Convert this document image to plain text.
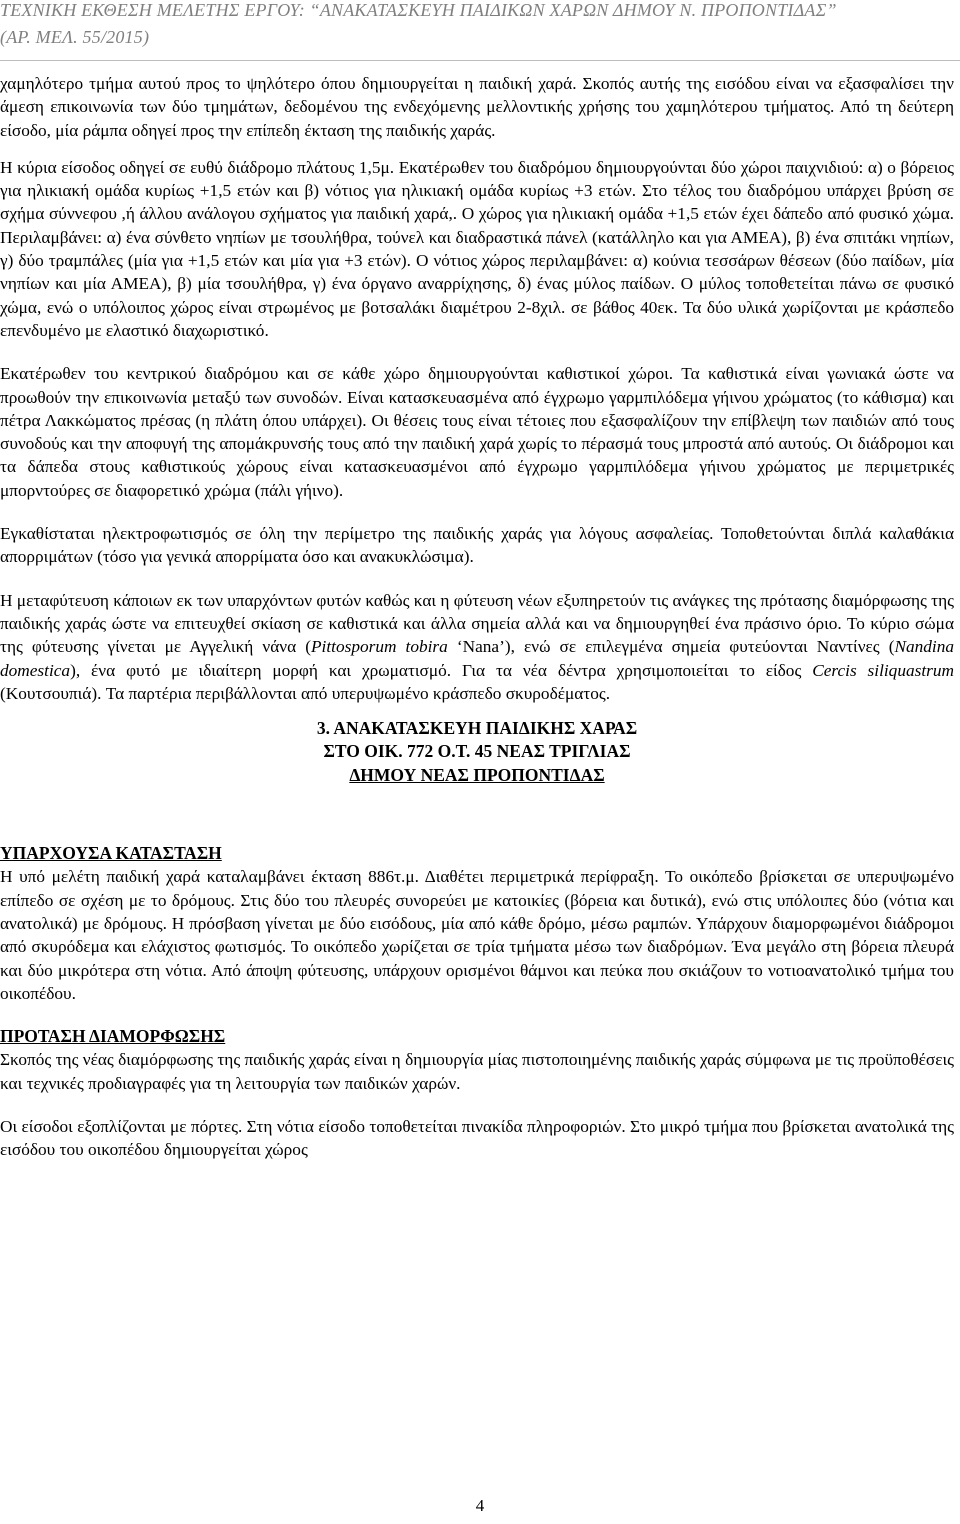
ΤΕΧΝΙΚΗ ΕΚΘΕΣΗ ΜΕΛΕΤΗΣ ΕΡΓΟΥ: “ΑΝΑΚΑΤΑΣΚΕΥΗ ΠΑΙΔΙΚΩΝ ΧΑΡΩΝ ΔΗΜΟΥ Ν. ΠΡΟΠΟΝΤΙΔΑΣ”
(ΑΡ. ΜΕΛ. 55/2015)

χαμηλότερο τμήμα αυτού προς το ψηλότερο όπου δημιουργείται η παιδική χαρά. Σκοπός αυτής της εισόδου είναι να εξασφαλίσει την άμεση επικοινωνία των δύο τμημάτων, δεδομένου της ενδεχόμενης μελλοντικής χρήσης του χαμηλότερου τμήματος. Από τη δεύτερη είσοδο, μία ράμπα οδηγεί προς την επίπεδη έκταση της παιδικής χαράς.

Η κύρια είσοδος οδηγεί σε ευθύ διάδρομο πλάτους 1,5μ. Εκατέρωθεν του διαδρόμου δημιουργούνται δύο χώροι παιχνιδιού: α) ο βόρειος για ηλικιακή ομάδα κυρίως +1,5 ετών και β) νότιος για ηλικιακή ομάδα κυρίως +3 ετών. Στο τέλος του διαδρόμου υπάρχει βρύση σε σχήμα σύννεφου ,ή άλλου ανάλογου σχήματος για παιδική χαρά,. Ο χώρος για ηλικιακή ομάδα +1,5 ετών έχει δάπεδο από φυσικό χώμα. Περιλαμβάνει: α) ένα σύνθετο νηπίων με τσουλήθρα, τούνελ και διαδραστικά πάνελ (κατάλληλο και για ΑΜΕΑ), β) ένα σπιτάκι νηπίων, γ) δύο τραμπάλες (μία για +1,5 ετών και μία για +3 ετών). Ο νότιος χώρος περιλαμβάνει: α) κούνια τεσσάρων θέσεων (δύο παίδων, μία νηπίων και μία ΑΜΕΑ), β) μία τσουλήθρα, γ) ένα όργανο αναρρίχησης, δ) ένας μύλος παίδων. Ο μύλος τοποθετείται πάνω σε φυσικό χώμα, ενώ ο υπόλοιπος χώρος είναι στρωμένος με βοτσαλάκι διαμέτρου 2-8χιλ. σε βάθος 40εκ. Τα δύο υλικά χωρίζονται με κράσπεδο επενδυμένο με ελαστικό διαχωριστικό.

Εκατέρωθεν του κεντρικού διαδρόμου και σε κάθε χώρο δημιουργούνται καθιστικοί χώροι. Τα καθιστικά είναι γωνιακά ώστε να προωθούν την επικοινωνία μεταξύ των συνοδών. Είναι κατασκευασμένα από έγχρωμο γαρμπιλόδεμα γήινου χρώματος (το κάθισμα) και πέτρα Λακκώματος πρέσας (η πλάτη όπου υπάρχει). Οι θέσεις τους είναι τέτοιες που εξασφαλίζουν την επίβλεψη των παιδιών από τους συνοδούς και την αποφυγή της απομάκρυνσής τους από την παιδική χαρά χωρίς το πέρασμά τους μπροστά από αυτούς. Οι διάδρομοι και τα δάπεδα στους καθιστικούς χώρους είναι κατασκευασμένοι από έγχρωμο γαρμπιλόδεμα γήινου χρώματος με περιμετρικές μπορντούρες σε διαφορετικό χρώμα (πάλι γήινο).

Εγκαθίσταται ηλεκτροφωτισμός σε όλη την περίμετρο της παιδικής χαράς για λόγους ασφαλείας. Τοποθετούνται διπλά καλαθάκια απορριμάτων (τόσο για γενικά απορρίματα όσο και ανακυκλώσιμα).

Η μεταφύτευση κάποιων εκ των υπαρχόντων φυτών καθώς και η φύτευση νέων εξυπηρετούν τις ανάγκες της πρότασης διαμόρφωσης της παιδικής χαράς ώστε να επιτευχθεί σκίαση σε καθιστικά και άλλα σημεία αλλά και να δημιουργηθεί ένα πράσινο όριο. Το κύριο σώμα της φύτευσης γίνεται με Αγγελική νάνα (Pittosporum tobira ‘Nana’), ενώ σε επιλεγμένα σημεία φυτεύονται Ναντίνες (Nandina domestica), ένα φυτό με ιδιαίτερη μορφή και χρωματισμό. Για τα νέα δέντρα χρησιμοποιείται το είδος Cercis siliquastrum (Κουτσουπιά). Τα παρτέρια περιβάλλονται από υπερυψωμένο κράσπεδο σκυροδέματος.

3. ΑΝΑΚΑΤΑΣΚΕΥΗ ΠΑΙΔΙΚΗΣ ΧΑΡΑΣ
ΣΤΟ ΟΙΚ. 772 Ο.Τ. 45 ΝΕΑΣ ΤΡΙΓΛΙΑΣ
ΔΗΜΟΥ ΝΕΑΣ ΠΡΟΠΟΝΤΙΔΑΣ
ΥΠΑΡΧΟΥΣΑ ΚΑΤΑΣΤΑΣΗ

Η υπό μελέτη παιδική χαρά καταλαμβάνει έκταση 886τ.μ. Διαθέτει περιμετρικά περίφραξη. Το οικόπεδο βρίσκεται σε υπερυψωμένο επίπεδο σε σχέση με το δρόμους. Στις δύο του πλευρές συνορεύει με κατοικίες (βόρεια και δυτικά), ενώ στις υπόλοιπες δύο (νότια και ανατολικά) με δρόμους. Η πρόσβαση γίνεται με δύο εισόδους, μία από κάθε δρόμο, μέσω ραμπών. Υπάρχουν διαμορφωμένοι διάδρομοι από σκυρόδεμα και ελάχιστος φωτισμός. Το οικόπεδο χωρίζεται σε τρία τμήματα μέσω των διαδρόμων. Ένα μεγάλο στη βόρεια πλευρά και δύο μικρότερα στη νότια. Από άποψη φύτευσης, υπάρχουν ορισμένοι θάμνοι και πεύκα που σκιάζουν το νοτιοανατολικό τμήμα του οικοπέδου.

ΠΡΟΤΑΣΗ ΔΙΑΜΟΡΦΩΣΗΣ

Σκοπός της νέας διαμόρφωσης της παιδικής χαράς είναι η δημιουργία μίας πιστοποιημένης παιδικής χαράς σύμφωνα με τις προϋποθέσεις και τεχνικές προδιαγραφές για τη λειτουργία των παιδικών χαρών.

Οι είσοδοι εξοπλίζονται με πόρτες. Στη νότια είσοδο τοποθετείται πινακίδα πληροφοριών. Στο μικρό τμήμα που βρίσκεται ανατολικά της εισόδου του οικοπέδου δημιουργείται χώρος

4
